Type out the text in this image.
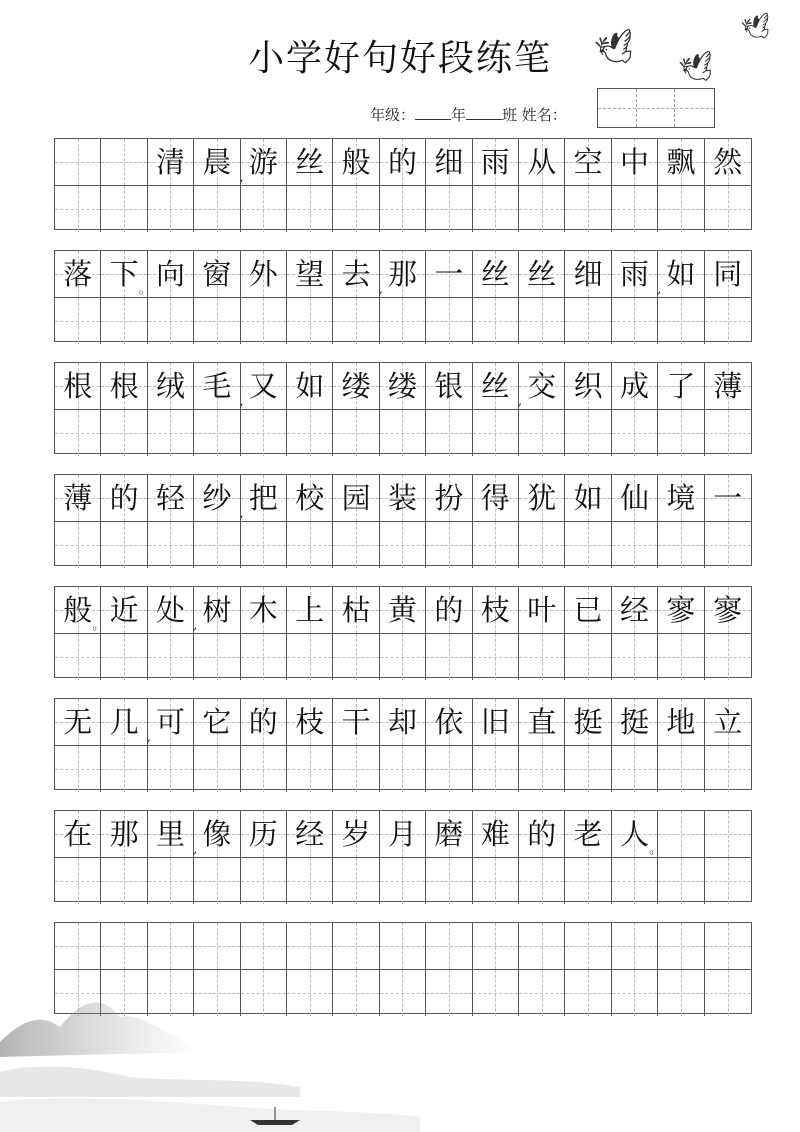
小学好句好段练笔	🕊 🕊
🕊
年级： 年 班 姓名：
清 晨 , 游 丝 般 的 细 雨 从 空 中 飘 然
落 下 。 向 窗 外 望 去 , 那 一 丝 丝 细 雨 , 如 同
根 根 绒 毛 , 又 如 缕 缕 银 丝 , 交 织 成 了 薄
薄 的 轻 纱 , 把 校 园 装 扮 得 犹 如 仙 境 一
般 。 近 处 , 树 木 上 枯 黄 的 枝 叶 已 经 寥 寥
无 几 , 可 它 的 枝 干 却 依 旧 直 挺 挺 地 立
在 那 里 , 像 历 经 岁 月 磨 难 的 老 人 。
